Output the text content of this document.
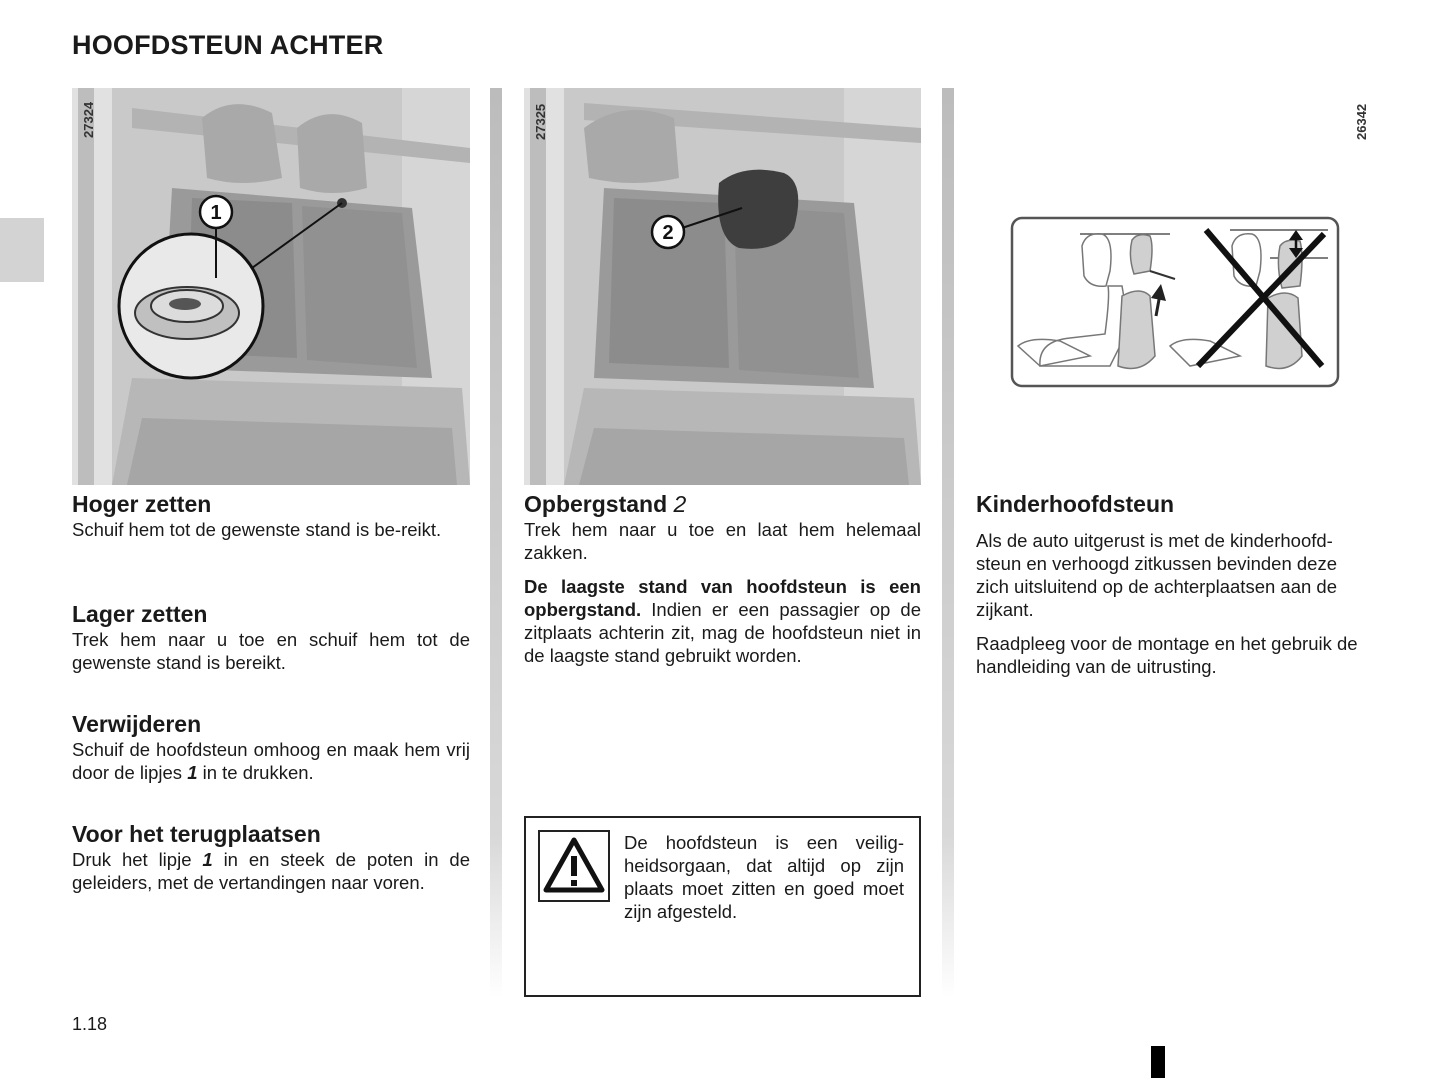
HOOFDSTEUN ACHTER
1
27324
2
27325	26342
Hoger zetten

Schuif hem tot de gewenste stand is be-reikt.

Lager zetten

Trek hem naar u toe en schuif hem tot de gewenste stand is bereikt.

Verwijderen

Schuif de hoofdsteun omhoog en maak hem vrij door de lipjes 1 in te drukken.

Voor het terugplaatsen

Druk het lipje 1 in en steek de poten in de geleiders, met de vertandingen naar voren.

Opbergstand 2

Trek hem naar u toe en laat hem helemaal zakken.

De laagste stand van hoofdsteun is een opbergstand. Indien er een passagier op de zitplaats achterin zit, mag de hoofdsteun niet in de laagste stand gebruikt worden.

De hoofdsteun is een veilig-heidsorgaan, dat altijd op zijn plaats moet zitten en goed moet zijn afgesteld.
Kinderhoofdsteun

Als de auto uitgerust is met de kinderhoofd-steun en verhoogd zitkussen bevinden deze zich uitsluitend op de achterplaatsen aan de zijkant.

Raadpleeg voor de montage en het gebruik de handleiding van de uitrusting.

1.18
